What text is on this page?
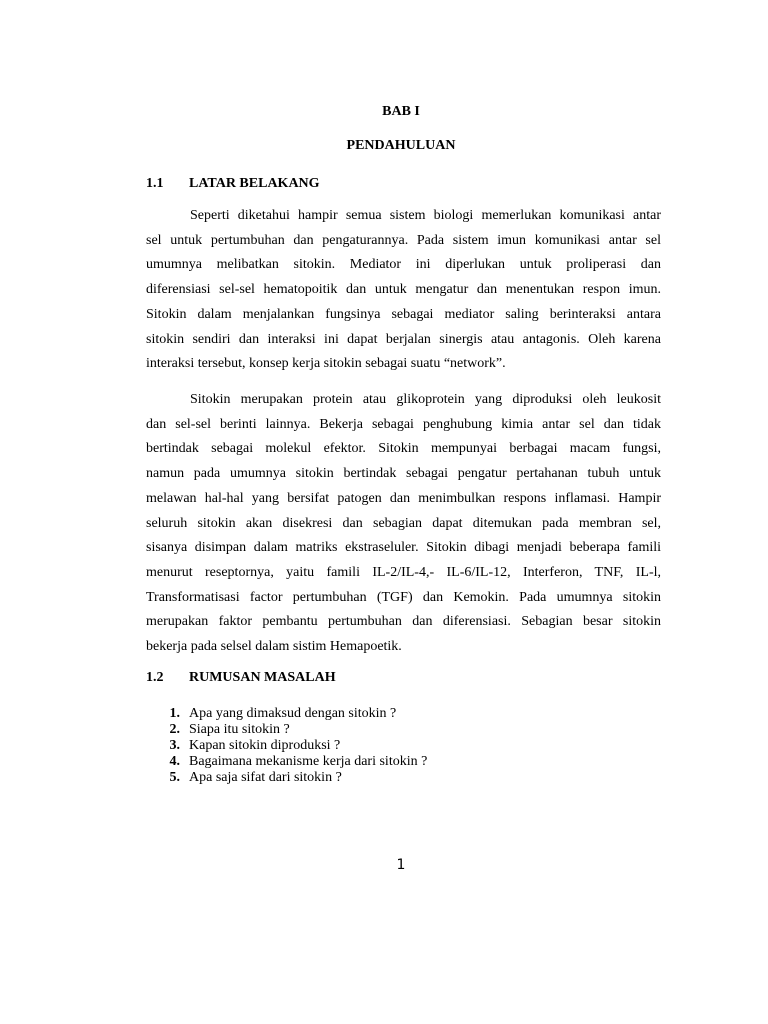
BAB I
PENDAHULUAN
1.1 LATAR BELAKANG
Seperti diketahui hampir semua sistem biologi memerlukan komunikasi antar
sel untuk pertumbuhan dan pengaturannya. Pada sistem imun komunikasi antar sel
umumnya melibatkan sitokin. Mediator ini diperlukan untuk proliperasi dan
diferensiasi sel-sel hematopoitik dan untuk mengatur dan menentukan respon imun.
Sitokin dalam menjalankan fungsinya sebagai mediator saling berinteraksi antara
sitokin sendiri dan interaksi ini dapat berjalan sinergis atau antagonis. Oleh karena
interaksi tersebut, konsep kerja sitokin sebagai suatu “network”.
Sitokin merupakan protein atau glikoprotein yang diproduksi oleh leukosit
dan sel-sel berinti lainnya. Bekerja sebagai penghubung kimia antar sel dan tidak
bertindak sebagai molekul efektor. Sitokin mempunyai berbagai macam fungsi,
namun pada umumnya sitokin bertindak sebagai pengatur pertahanan tubuh untuk
melawan hal-hal yang bersifat patogen dan menimbulkan respons inflamasi. Hampir
seluruh sitokin akan disekresi dan sebagian dapat ditemukan pada membran sel,
sisanya disimpan dalam matriks ekstraseluler. Sitokin dibagi menjadi beberapa famili
menurut reseptornya, yaitu famili IL-2/IL-4,- IL-6/IL-12, Interferon, TNF, IL-l,
Transformatisasi factor pertumbuhan (TGF) dan Kemokin. Pada umumnya sitokin
merupakan faktor pembantu pertumbuhan dan diferensiasi. Sebagian besar sitokin
bekerja pada selsel dalam sistim Hemapoetik.
1.2 RUMUSAN MASALAH
1. Apa yang dimaksud dengan sitokin ?
2. Siapa itu sitokin ?
3. Kapan sitokin diproduksi ?
4. Bagaimana mekanisme kerja dari sitokin ?
5. Apa saja sifat dari sitokin ?
1
